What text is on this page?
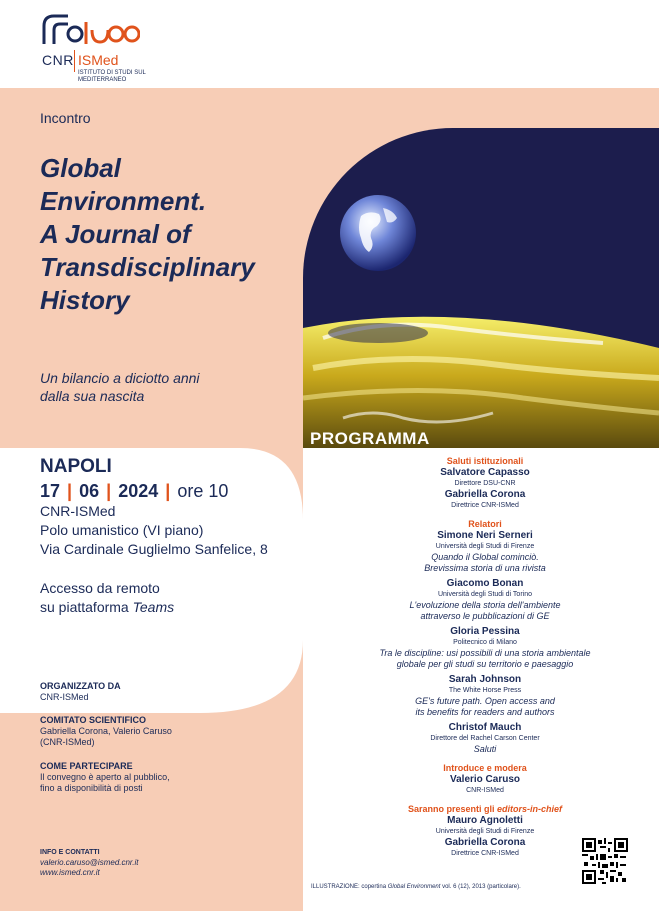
CNR ISMed
ISTITUTO DI STUDI SUL MEDITERRANEO
Incontro
Global
Environment.
A Journal of
Transdisciplinary
History
Un bilancio a diciotto anni
dalla sua nascita
PROGRAMMA
NAPOLI
17 | 06 | 2024 | ore 10
CNR-ISMed
Polo umanistico (VI piano)
Via Cardinale Guglielmo Sanfelice, 8
Accesso da remoto
su piattaforma Teams
ORGANIZZATO DA
CNR-ISMed
COMITATO SCIENTIFICO
Gabriella Corona, Valerio Caruso
(CNR-ISMed)
COME PARTECIPARE
Il convegno è aperto al pubblico,
fino a disponibilità di posti
INFO E CONTATTI
valerio.caruso@ismed.cnr.it
www.ismed.cnr.it
Saluti istituzionali
Salvatore Capasso
Direttore DSU-CNR
Gabriella Corona
Direttrice CNR-ISMed
Relatori
Simone Neri Serneri
Università degli Studi di Firenze
Quando il Global cominciò.
Brevissima storia di una rivista
Giacomo Bonan
Università degli Studi di Torino
L'evoluzione della storia dell'ambiente
attraverso le pubblicazioni di GE
Gloria Pessina
Politecnico di Milano
Tra le discipline: usi possibili di una storia ambientale
globale per gli studi su territorio e paesaggio
Sarah Johnson
The White Horse Press
GE's future path. Open access and
its benefits for readers and authors
Christof Mauch
Direttore del Rachel Carson Center
Saluti
Introduce e modera
Valerio Caruso
CNR-ISMed
Saranno presenti gli editors-in-chief
Mauro Agnoletti
Università degli Studi di Firenze
Gabriella Corona
Direttrice CNR-ISMed
ILLUSTRAZIONE: copertina Global Environment vol. 6 (12), 2013 (particolare).
